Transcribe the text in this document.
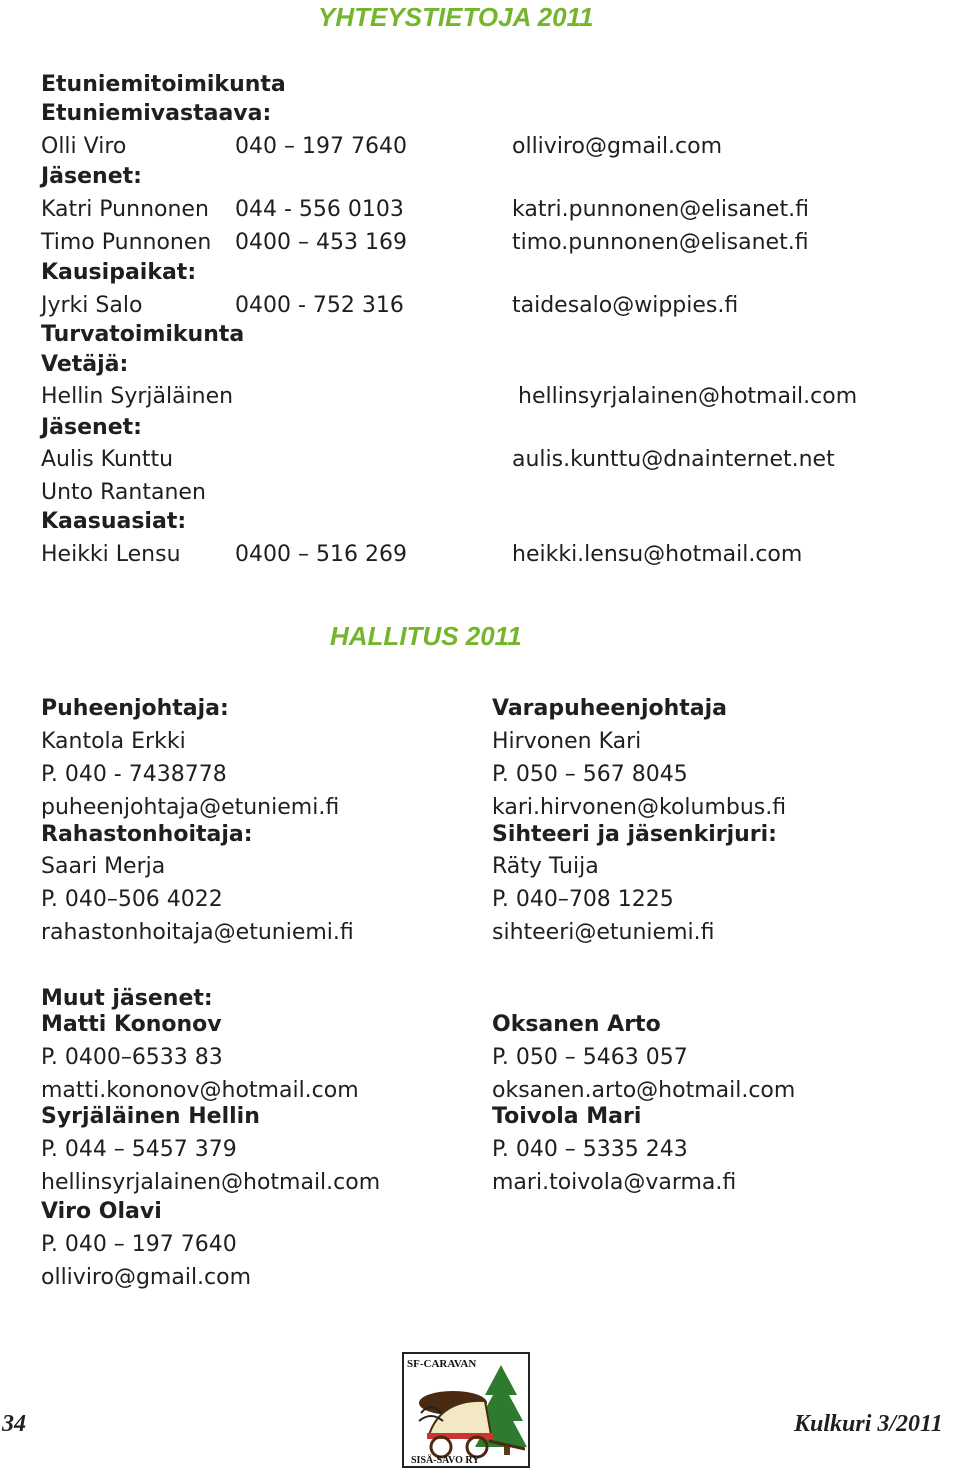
YHTEYSTIETOJA 2011
Etuniemitoimikunta
Etuniemivastaava:
Olli Viro	040 – 197 7640	olliviro@gmail.com
Jäsenet:
Katri Punnonen 044 - 556 0103	katri.punnonen@elisanet.fi
Timo Punnonen 0400 – 453 169	timo.punnonen@elisanet.fi
Kausipaikat:
Jyrki Salo	0400 - 752 316	taidesalo@wippies.fi
Turvatoimikunta
Vetäjä:
Hellin Syrjäläinen	hellinsyrjalainen@hotmail.com
Jäsenet:
Aulis Kunttu	aulis.kunttu@dnainternet.net
Unto Rantanen
Kaasuasiat:
Heikki Lensu 0400 – 516 269	heikki.lensu@hotmail.com
HALLITUS 2011
Puheenjohtaja:
Kantola Erkki
P. 040 - 7438778
puheenjohtaja@etuniemi.fi
Rahastonhoitaja:
Saari Merja
P. 040–506 4022
rahastonhoitaja@etuniemi.fi
Muut jäsenet:
Matti Kononov
P. 0400–6533 83
matti.kononov@hotmail.com
Syrjäläinen Hellin
P. 044 – 5457 379
hellinsyrjalainen@hotmail.com
Viro Olavi
P. 040 – 197 7640
olliviro@gmail.com
Varapuheenjohtaja
Hirvonen Kari
P. 050 – 567 8045
kari.hirvonen@kolumbus.fi
Sihteeri ja jäsenkirjuri:
Räty Tuija
P. 040–708 1225
sihteeri@etuniemi.fi
Oksanen Arto
P. 050 – 5463 057
oksanen.arto@hotmail.com
Toivola Mari
P. 040 – 5335 243
mari.toivola@varma.fi
34	Kulkuri 3/2011
SF-CARAVAN
SISÄ-SAVO RY
